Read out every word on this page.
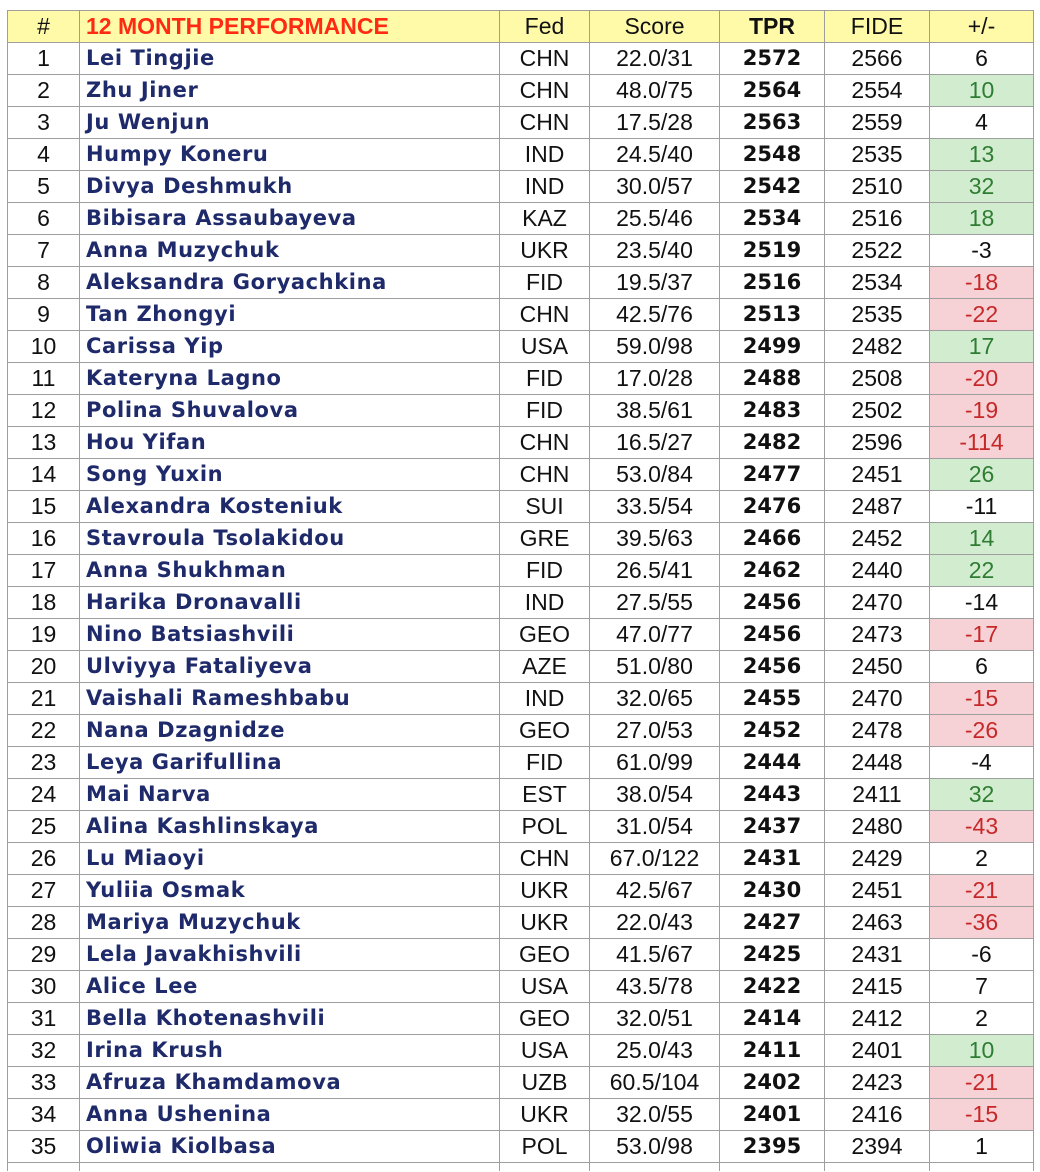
#	12 MONTH PERFORMANCE	Fed	Score	TPR	FIDE	+/-
1	Lei Tingjie	CHN	22.0/31	2572	2566	6
2	Zhu Jiner	CHN	48.0/75	2564	2554	10
3	Ju Wenjun	CHN	17.5/28	2563	2559	4
4	Humpy Koneru	IND	24.5/40	2548	2535	13
5	Divya Deshmukh	IND	30.0/57	2542	2510	32
6	Bibisara Assaubayeva	KAZ	25.5/46	2534	2516	18
7	Anna Muzychuk	UKR	23.5/40	2519	2522	-3
8	Aleksandra Goryachkina	FID	19.5/37	2516	2534	-18
9	Tan Zhongyi	CHN	42.5/76	2513	2535	-22
10	Carissa Yip	USA	59.0/98	2499	2482	17
11	Kateryna Lagno	FID	17.0/28	2488	2508	-20
12	Polina Shuvalova	FID	38.5/61	2483	2502	-19
13	Hou Yifan	CHN	16.5/27	2482	2596	-114
14	Song Yuxin	CHN	53.0/84	2477	2451	26
15	Alexandra Kosteniuk	SUI	33.5/54	2476	2487	-11
16	Stavroula Tsolakidou	GRE	39.5/63	2466	2452	14
17	Anna Shukhman	FID	26.5/41	2462	2440	22
18	Harika Dronavalli	IND	27.5/55	2456	2470	-14
19	Nino Batsiashvili	GEO	47.0/77	2456	2473	-17
20	Ulviyya Fataliyeva	AZE	51.0/80	2456	2450	6
21	Vaishali Rameshbabu	IND	32.0/65	2455	2470	-15
22	Nana Dzagnidze	GEO	27.0/53	2452	2478	-26
23	Leya Garifullina	FID	61.0/99	2444	2448	-4
24	Mai Narva	EST	38.0/54	2443	2411	32
25	Alina Kashlinskaya	POL	31.0/54	2437	2480	-43
26	Lu Miaoyi	CHN	67.0/122	2431	2429	2
27	Yuliia Osmak	UKR	42.5/67	2430	2451	-21
28	Mariya Muzychuk	UKR	22.0/43	2427	2463	-36
29	Lela Javakhishvili	GEO	41.5/67	2425	2431	-6
30	Alice Lee	USA	43.5/78	2422	2415	7
31	Bella Khotenashvili	GEO	32.0/51	2414	2412	2
32	Irina Krush	USA	25.0/43	2411	2401	10
33	Afruza Khamdamova	UZB	60.5/104	2402	2423	-21
34	Anna Ushenina	UKR	32.0/55	2401	2416	-15
35	Oliwia Kiolbasa	POL	53.0/98	2395	2394	1
